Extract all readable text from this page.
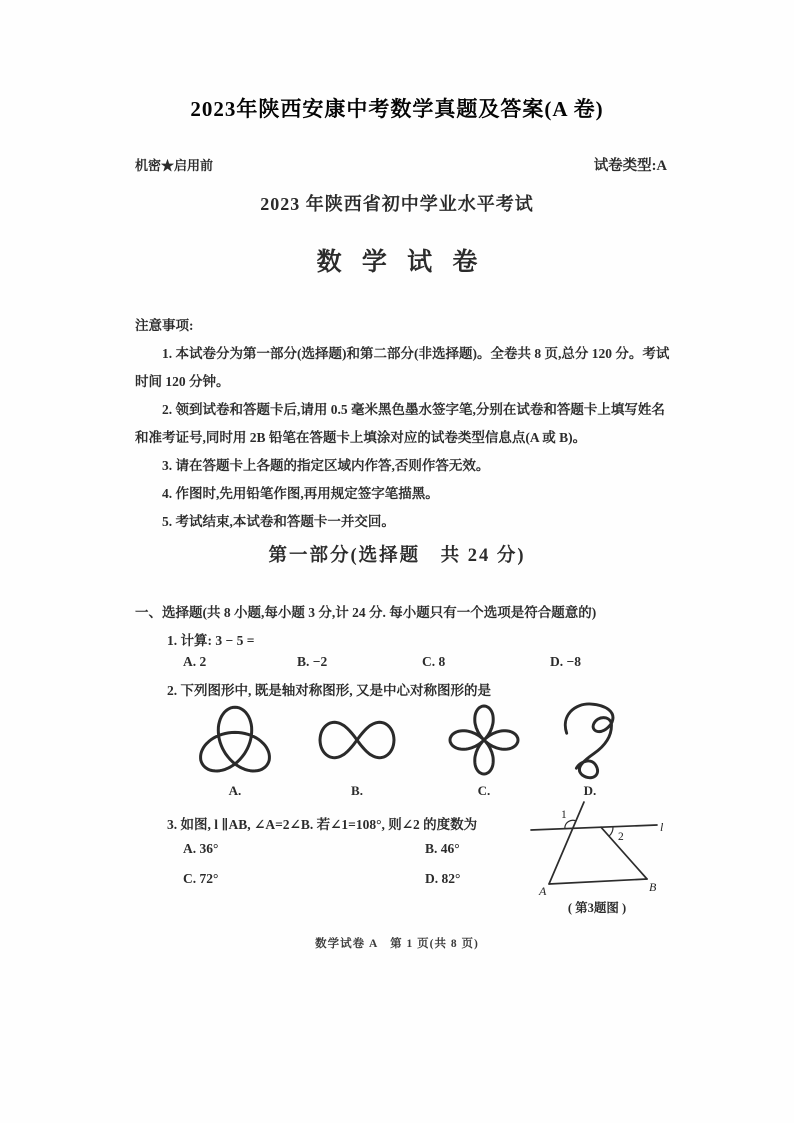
2023年陕西安康中考数学真题及答案(A 卷)
机密★启用前	试卷类型:A
2023 年陕西省初中学业水平考试
数 学 试 卷

注意事项:

1. 本试卷分为第一部分(选择题)和第二部分(非选择题)。全卷共 8 页,总分 120 分。考试时间 120 分钟。

2. 领到试卷和答题卡后,请用 0.5 毫米黑色墨水签字笔,分别在试卷和答题卡上填写姓名和准考证号,同时用 2B 铅笔在答题卡上填涂对应的试卷类型信息点(A 或 B)。

3. 请在答题卡上各题的指定区域内作答,否则作答无效。

4. 作图时,先用铅笔作图,再用规定签字笔描黑。

5. 考试结束,本试卷和答题卡一并交回。

第一部分(选择题　共 24 分)
一、选择题(共 8 小题,每小题 3 分,计 24 分. 每小题只有一个选项是符合题意的)
1. 计算: 3 − 5 =
A. 2	B. −2	C. 8	D. −8
2. 下列图形中, 既是轴对称图形, 又是中心对称图形的是
A.	B.	C.	D.
3. 如图, l ∥AB, ∠A=2∠B. 若∠1=108°, 则∠2 的度数为
A. 36°	B. 46°
C. 72°	D. 82°
1
2
l
A	B
( 第3题图 )
数学试卷 A　第 1 页(共 8 页)
